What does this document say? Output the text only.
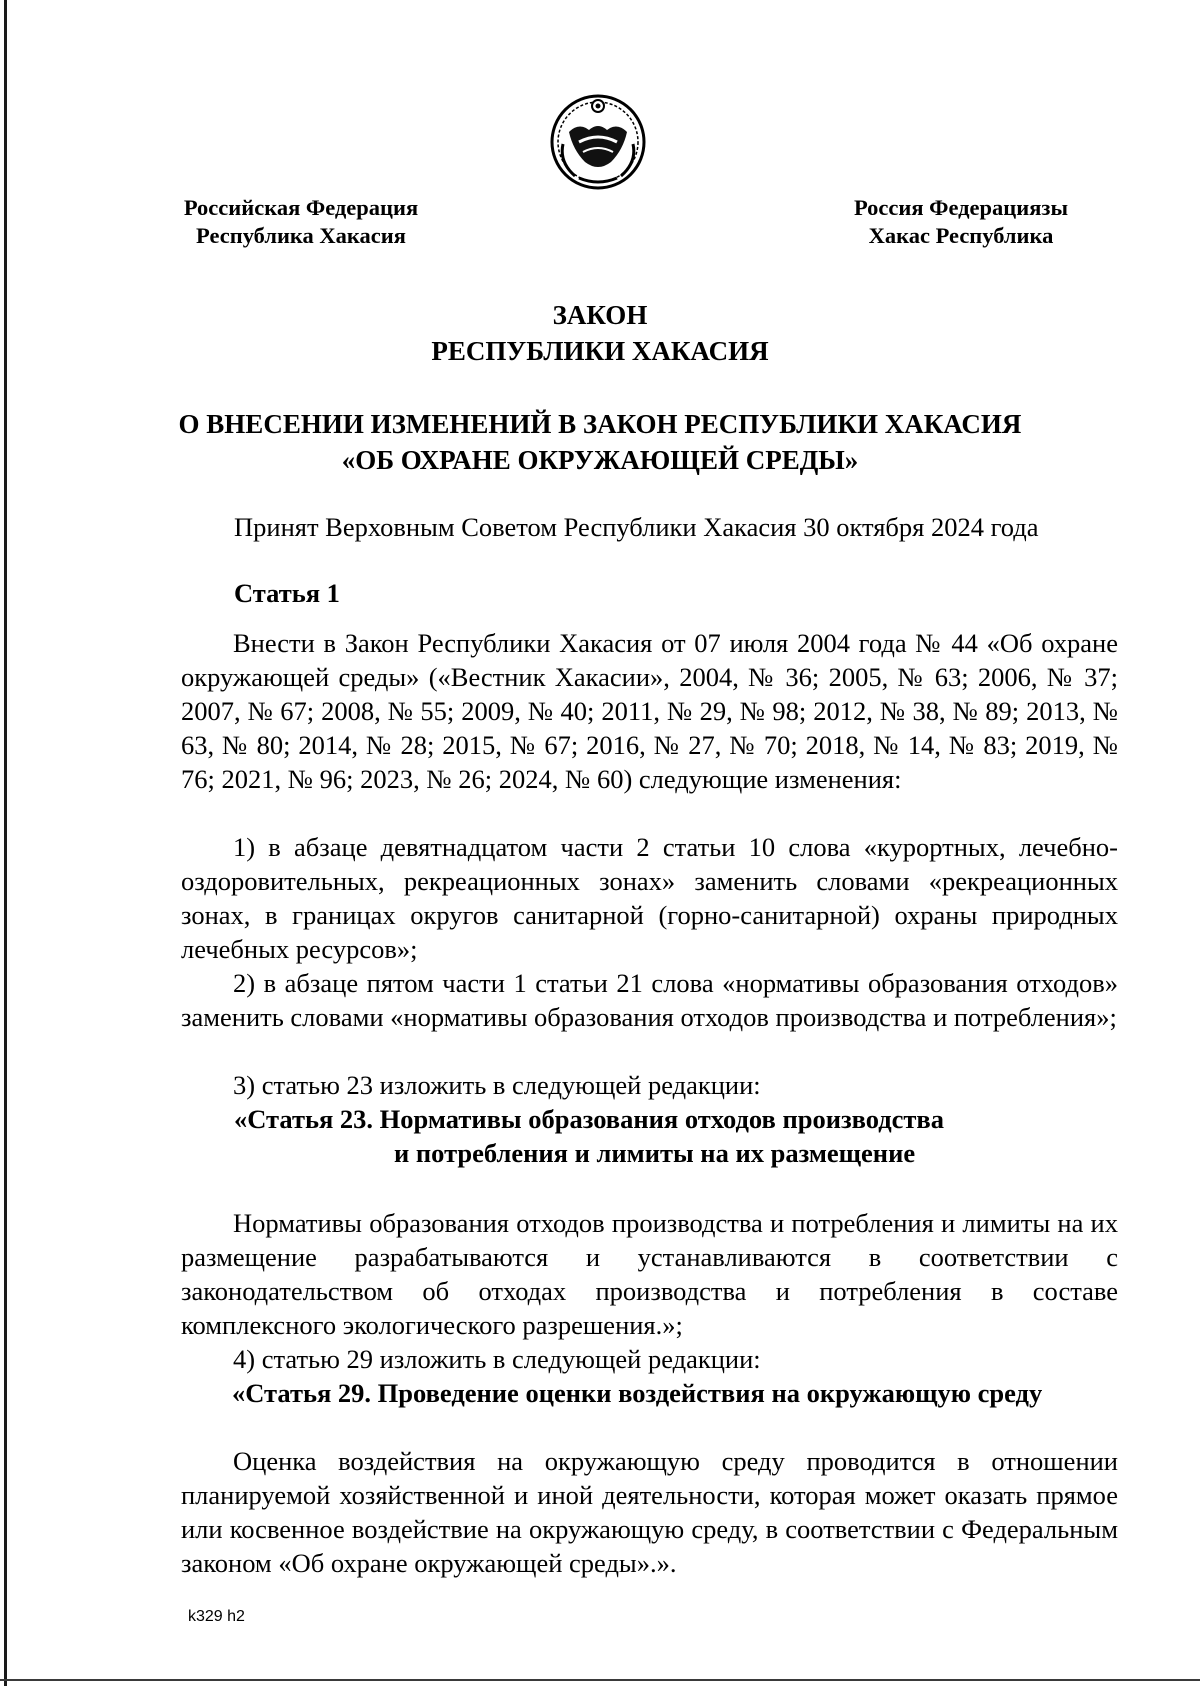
Российская Федерация
Республика Хакасия
Россия Федерациязы
Хакас Республика
ЗАКОН
РЕСПУБЛИКИ ХАКАСИЯ
О ВНЕСЕНИИ ИЗМЕНЕНИЙ В ЗАКОН РЕСПУБЛИКИ ХАКАСИЯ
«ОБ ОХРАНЕ ОКРУЖАЮЩЕЙ СРЕДЫ»
Принят Верховным Советом Республики Хакасия 30 октября 2024 года
Статья 1
Внести в Закон Республики Хакасия от 07 июля 2004 года № 44 «Об охране окружающей среды» («Вестник Хакасии», 2004, № 36; 2005, № 63; 2006, № 37; 2007, № 67; 2008, № 55; 2009, № 40; 2011, № 29, № 98; 2012, № 38, № 89; 2013, № 63, № 80; 2014, № 28; 2015, № 67; 2016, № 27, № 70; 2018, № 14, № 83; 2019, № 76; 2021, № 96; 2023, № 26; 2024, № 60) следующие изменения:
1) в абзаце девятнадцатом части 2 статьи 10 слова «курортных, лечебно-оздоровительных, рекреационных зонах» заменить словами «рекреационных зонах, в границах округов санитарной (горно-санитарной) охраны природных лечебных ресурсов»;
2) в абзаце пятом части 1 статьи 21 слова «нормативы образования отходов» заменить словами «нормативы образования отходов производства и потребления»;
3) статью 23 изложить в следующей редакции:
«Статья 23. Нормативы образования отходов производства
и потребления и лимиты на их размещение
Нормативы образования отходов производства и потребления и лимиты на их размещение разрабатываются и устанавливаются в соответствии с законодательством об отходах производства и потребления в составе комплексного экологического разрешения.»;
4) статью 29 изложить в следующей редакции:
«Статья 29. Проведение оценки воздействия на окружающую среду
Оценка воздействия на окружающую среду проводится в отношении планируемой хозяйственной и иной деятельности, которая может оказать прямое или косвенное воздействие на окружающую среду, в соответствии с Федеральным законом «Об охране окружающей среды».».
k329 h2
